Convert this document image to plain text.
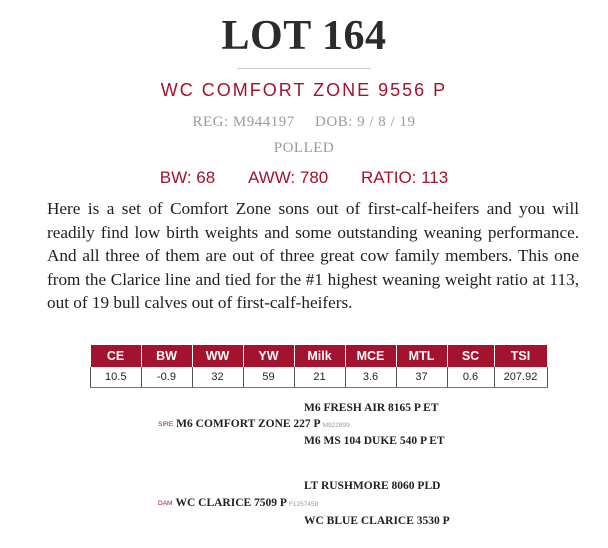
LOT 164
WC COMFORT ZONE 9556 P
REG: M944197 DOB: 9 / 8 / 19
POLLED
BW: 68 AWW: 780 RATIO: 113
Here is a set of Comfort Zone sons out of first-calf-heifers and you will readily find low birth weights and some outstanding weaning performance. And all three of them are out of three great cow family members. This one from the Clarice line and tied for the #1 highest weaning weight ratio at 113, out of 19 bull calves out of first-calf-heifers.
CE	BW	WW	YW	Milk	MCE	MTL	SC	TSI
10.5	-0.9	32	59	21	3.6	37	0.6	207.92
M6 FRESH AIR 8165 P ET
SIRE M6 COMFORT ZONE 227 P M922899
M6 MS 104 DUKE 540 P ET
LT RUSHMORE 8060 PLD
DAM WC CLARICE 7509 P F1257458
WC BLUE CLARICE 3530 P
